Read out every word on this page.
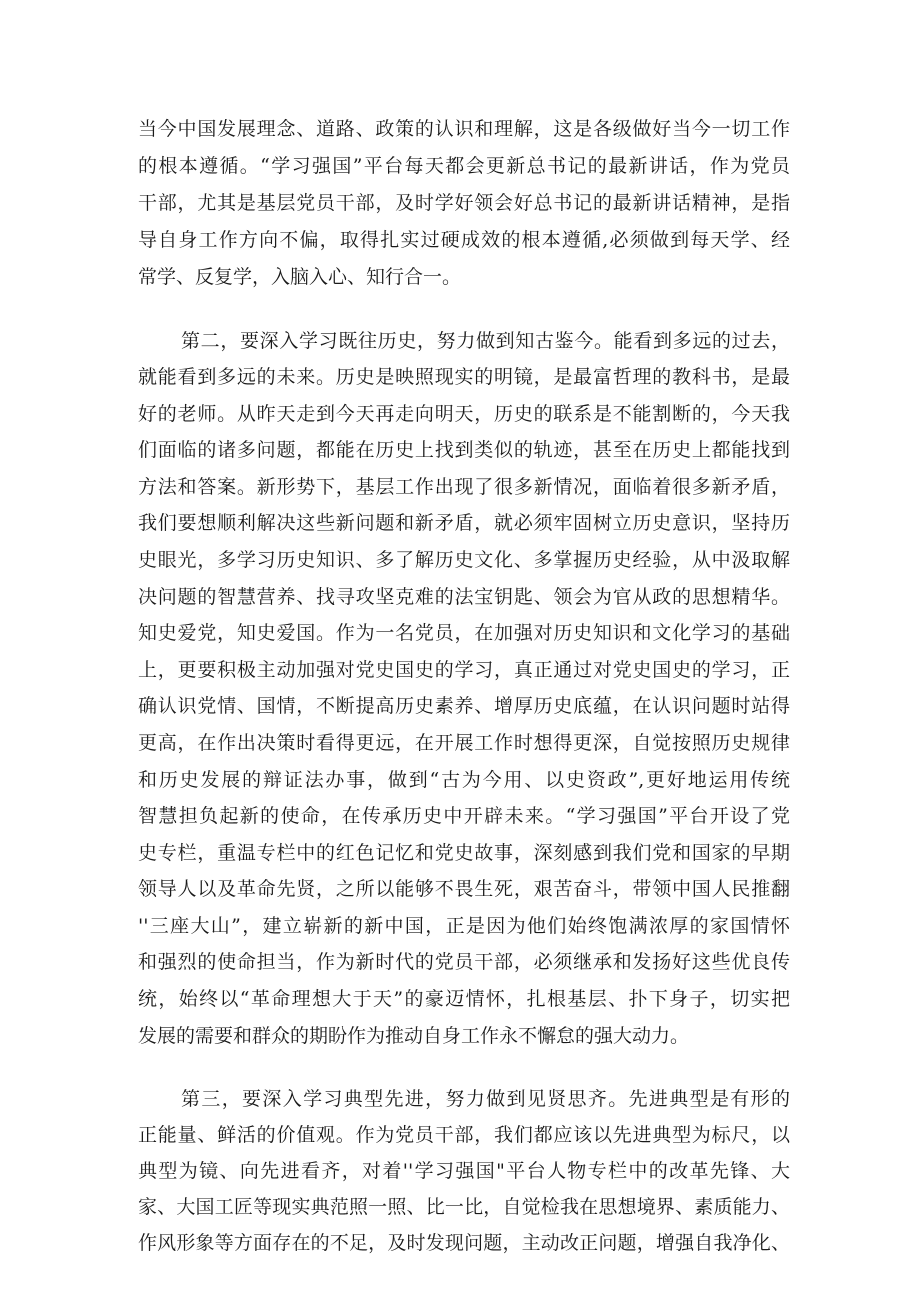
当今中国发展理念、道路、政策的认识和理解，这是各级做好当今一切工作

的根本遵循。“学习强国”平台每天都会更新总书记的最新讲话，作为党员

干部，尤其是基层党员干部，及时学好领会好总书记的最新讲话精神，是指

导自身工作方向不偏，取得扎实过硬成效的根本遵循,必须做到每天学、经

常学、反复学，入脑入心、知行合一。

第二，要深入学习既往历史，努力做到知古鉴今。能看到多远的过去，

就能看到多远的未来。历史是映照现实的明镜，是最富哲理的教科书，是最

好的老师。从昨天走到今天再走向明天，历史的联系是不能割断的，今天我

们面临的诸多问题，都能在历史上找到类似的轨迹，甚至在历史上都能找到

方法和答案。新形势下，基层工作出现了很多新情况，面临着很多新矛盾，

我们要想顺利解决这些新问题和新矛盾，就必须牢固树立历史意识，坚持历

史眼光，多学习历史知识、多了解历史文化、多掌握历史经验，从中汲取解

决问题的智慧营养、找寻攻坚克难的法宝钥匙、领会为官从政的思想精华。

知史爱党，知史爱国。作为一名党员，在加强对历史知识和文化学习的基础

上，更要积极主动加强对党史国史的学习，真正通过对党史国史的学习，正

确认识党情、国情，不断提高历史素养、增厚历史底蕴，在认识问题时站得

更高，在作出决策时看得更远，在开展工作时想得更深，自觉按照历史规律

和历史发展的辩证法办事，做到“古为今用、以史资政”,更好地运用传统

智慧担负起新的使命，在传承历史中开辟未来。“学习强国”平台开设了党

史专栏，重温专栏中的红色记忆和党史故事，深刻感到我们党和国家的早期

领导人以及革命先贤，之所以能够不畏生死，艰苦奋斗，带领中国人民推翻

''三座大山”，建立崭新的新中国，正是因为他们始终饱满浓厚的家国情怀

和强烈的使命担当，作为新时代的党员干部，必须继承和发扬好这些优良传

统，始终以“革命理想大于天”的豪迈情怀，扎根基层、扑下身子，切实把

发展的需要和群众的期盼作为推动自身工作永不懈怠的强大动力。

第三，要深入学习典型先进，努力做到见贤思齐。先进典型是有形的

正能量、鲜活的价值观。作为党员干部，我们都应该以先进典型为标尺，以

典型为镜、向先进看齐，对着''学习强国"平台人物专栏中的改革先锋、大

家、大国工匠等现实典范照一照、比一比，自觉检我在思想境界、素质能力、

作风形象等方面存在的不足，及时发现问题，主动改正问题，增强自我净化、
